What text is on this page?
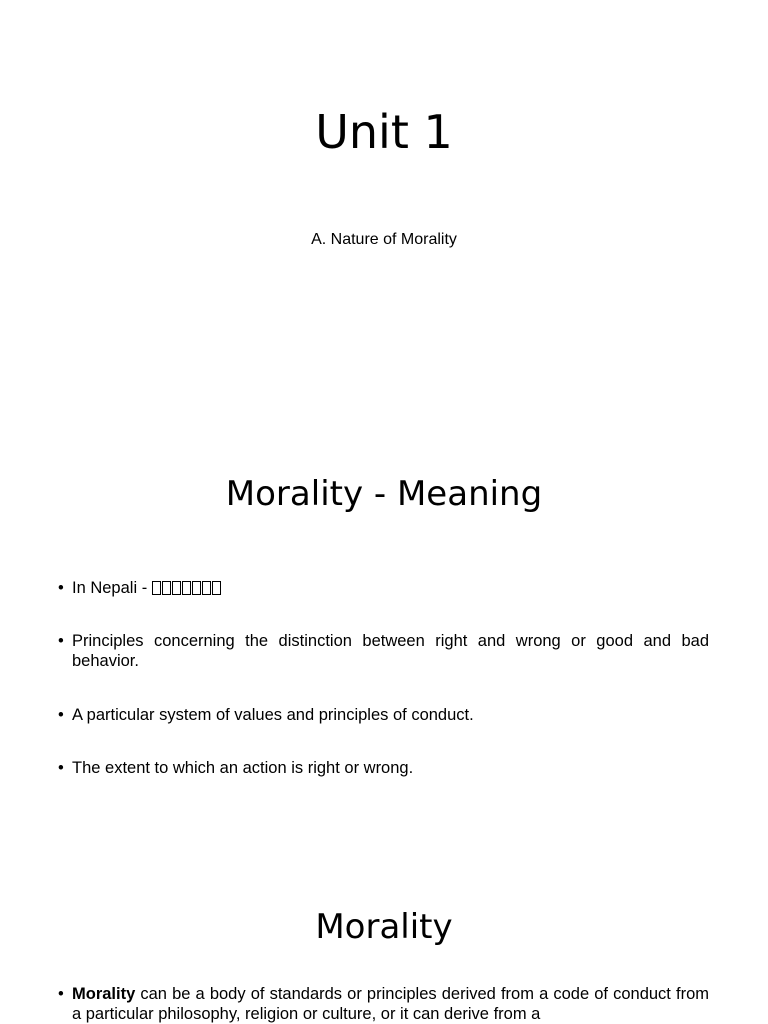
Unit 1

A. Nature of Morality

Morality - Meaning
• In Nepali -
• Principles concerning the distinction between right and wrong or good and bad behavior.
• A particular system of values and principles of conduct.
• The extent to which an action is right or wrong.
Morality
• Morality can be a body of standards or principles derived from a code of conduct from a particular philosophy, religion or culture, or it can derive from a
